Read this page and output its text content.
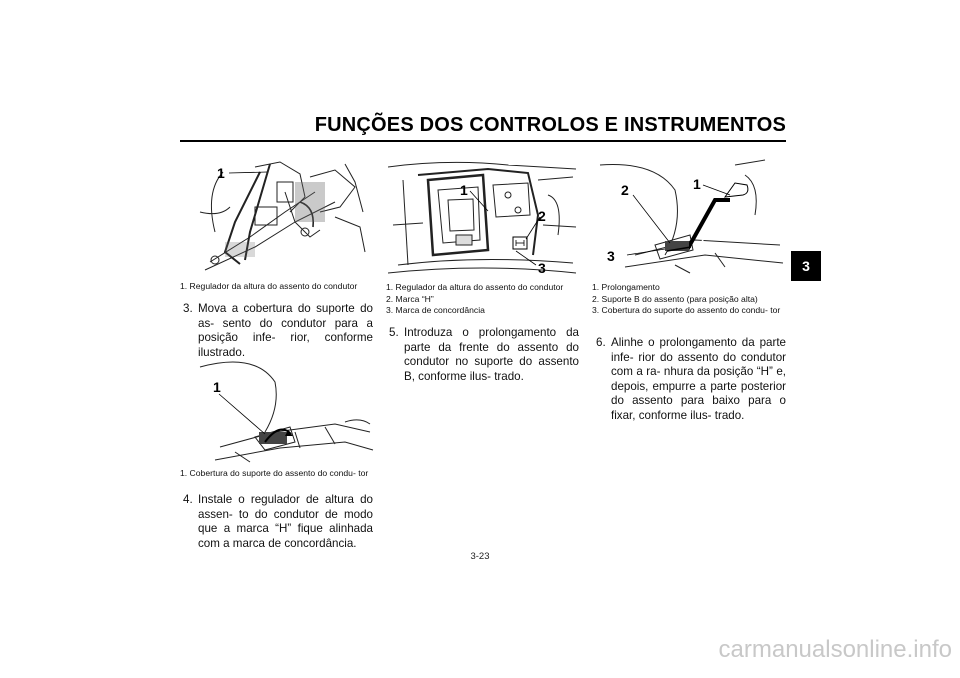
FUNÇÕES DOS CONTROLOS E INSTRUMENTOS
3
1
1. Regulador da altura do assento do condutor
3. Mova a cobertura do suporte do as- sento do condutor para a posição infe- rior, conforme ilustrado.
1
1. Cobertura do suporte do assento do condu- tor
4. Instale o regulador de altura do assen- to do condutor de modo que a marca “H” fique alinhada com a marca de concordância.
1
2
3
1. Regulador da altura do assento do condutor
2. Marca “H”
3. Marca de concordância
5. Introduza o prolongamento da parte da frente do assento do condutor no suporte do assento B, conforme ilus- trado.
2	1
3
1. Prolongamento
2. Suporte B do assento (para posição alta)
3. Cobertura do suporte do assento do condu- tor
6. Alinhe o prolongamento da parte infe- rior do assento do condutor com a ra- nhura da posição “H” e, depois, empurre a parte posterior do assento para baixo para o fixar, conforme ilus- trado.
3-23
carmanualsonline.info
